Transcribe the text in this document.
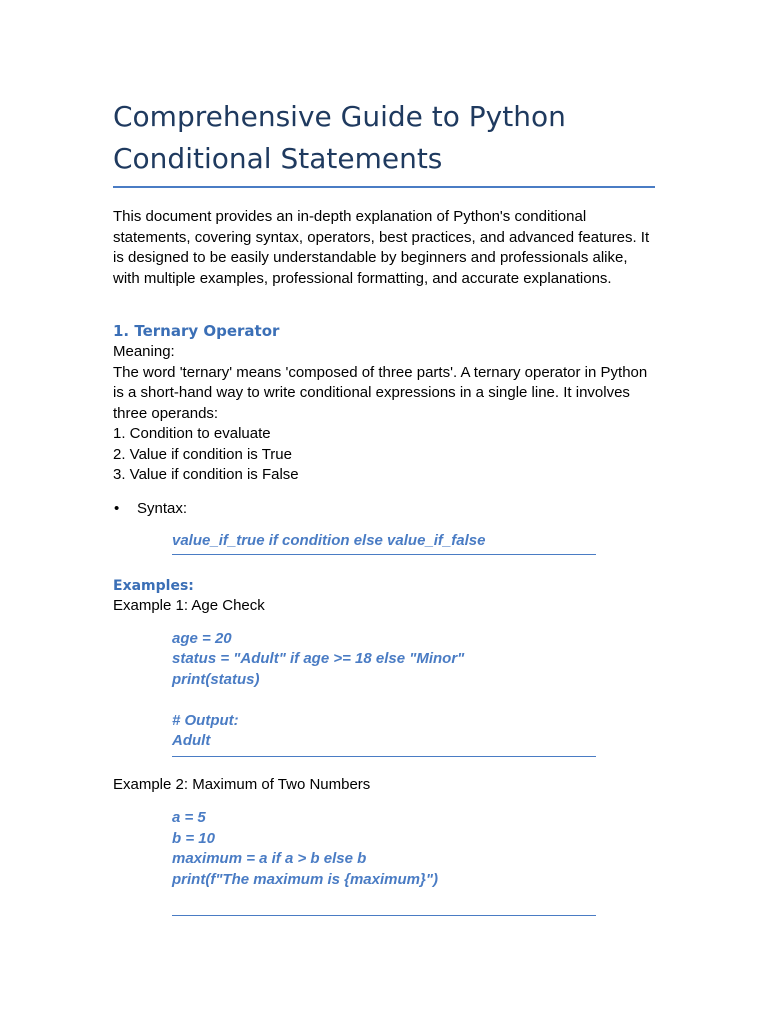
Comprehensive Guide to Python
Conditional Statements
This document provides an in-depth explanation of Python's conditional
statements, covering syntax, operators, best practices, and advanced features. It
is designed to be easily understandable by beginners and professionals alike,
with multiple examples, professional formatting, and accurate explanations.
1. Ternary Operator
Meaning:
The word 'ternary' means 'composed of three parts'. A ternary operator in Python
is a short-hand way to write conditional expressions in a single line. It involves
three operands:
1. Condition to evaluate
2. Value if condition is True
3. Value if condition is False
•	Syntax:
value_if_true if condition else value_if_false
Examples:
Example 1: Age Check
age = 20
status = "Adult" if age >= 18 else "Minor"
print(status)
# Output:
Adult
Example 2: Maximum of Two Numbers
a = 5
b = 10
maximum = a if a > b else b
print(f"The maximum is {maximum}")
